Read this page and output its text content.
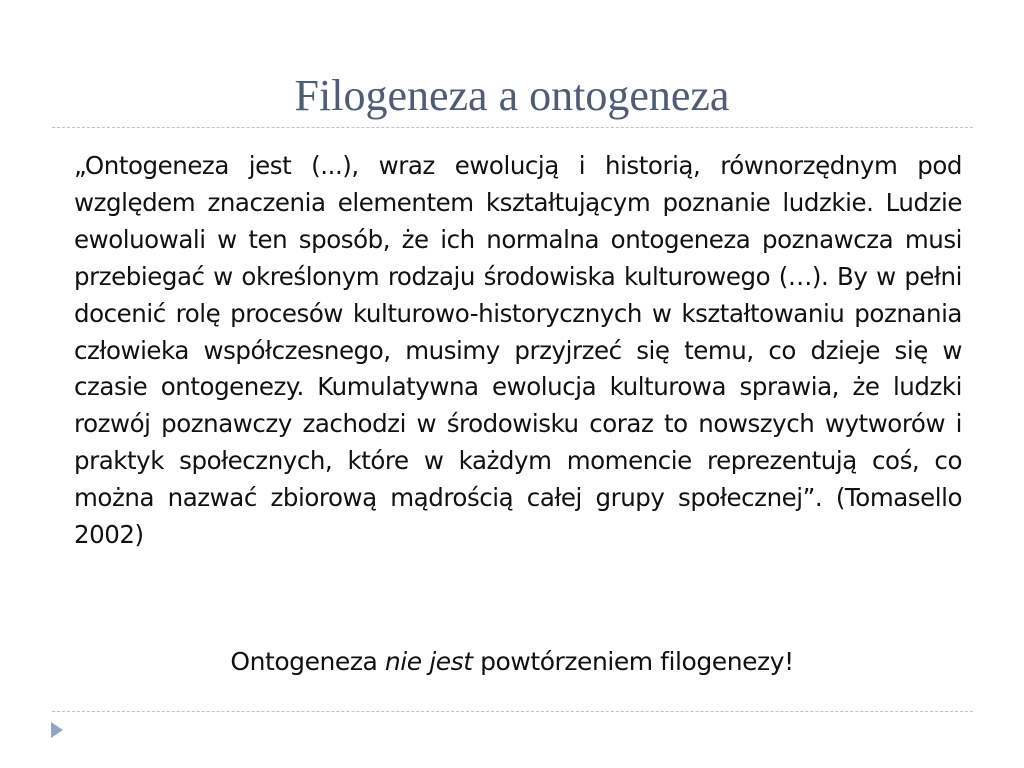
Filogeneza a ontogeneza

„Ontogeneza jest (...), wraz ewolucją i historią, równorzędnym pod względem znaczenia elementem kształtującym poznanie ludzkie. Ludzie ewoluowali w ten sposób, że ich normalna ontogeneza poznawcza musi przebiegać w określonym rodzaju środowiska kulturowego (…). By w pełni docenić rolę procesów kulturowo-historycznych w kształtowaniu poznania człowieka współczesnego, musimy przyjrzeć się temu, co dzieje się w czasie ontogenezy. Kumulatywna ewolucja kulturowa sprawia, że ludzki rozwój poznawczy zachodzi w środowisku coraz to nowszych wytworów i praktyk społecznych, które w każdym momencie reprezentują coś, co można nazwać zbiorową mądrością całej grupy społecznej”. (Tomasello 2002)

Ontogeneza nie jest powtórzeniem filogenezy!
